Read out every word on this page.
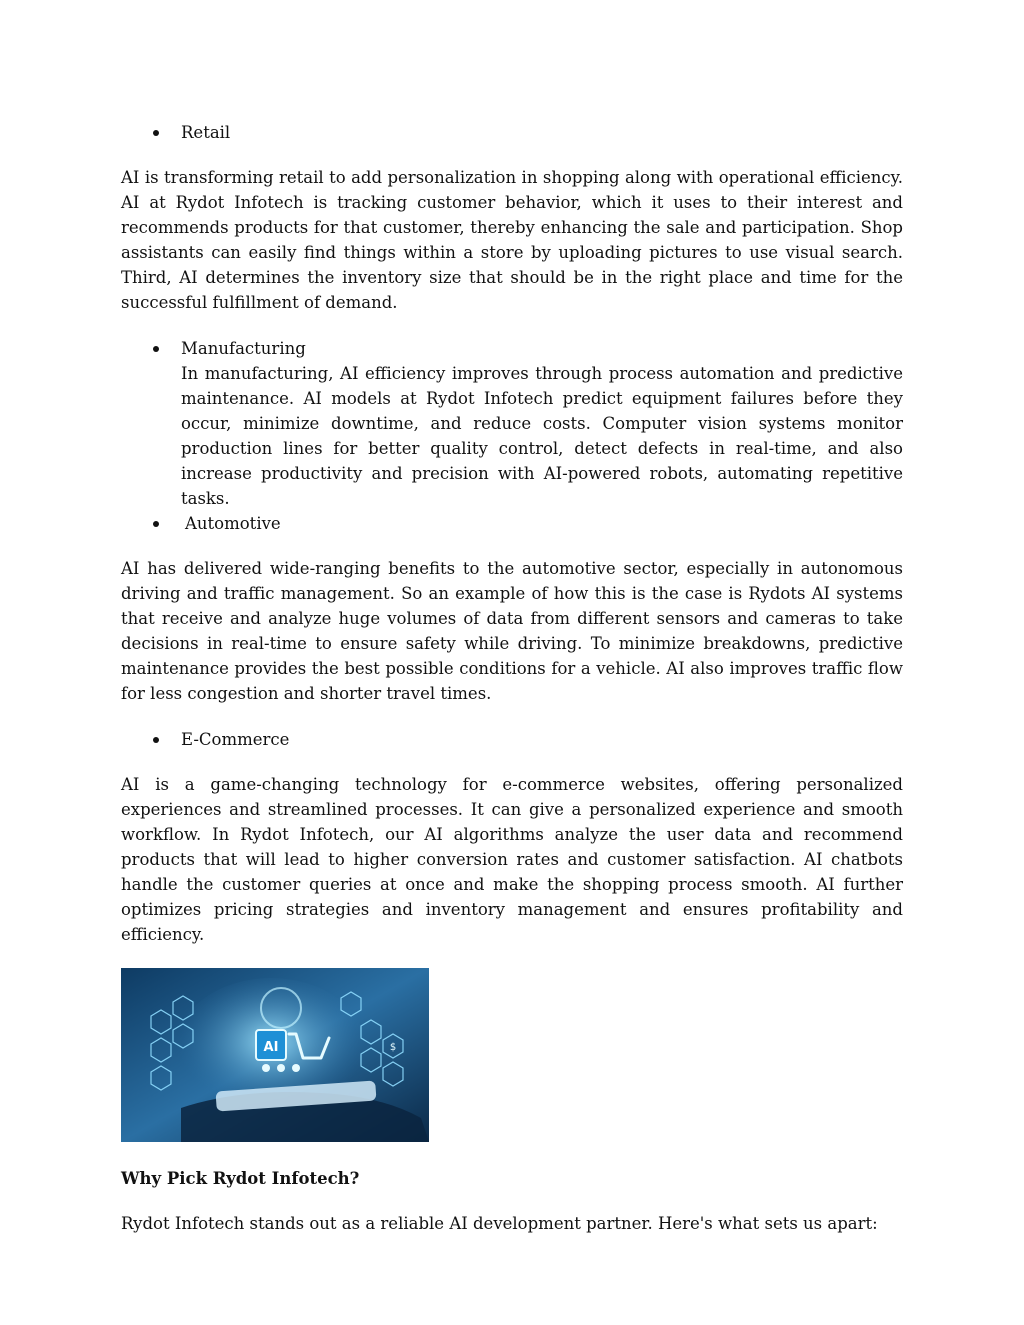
Retail

AI is transforming retail to add personalization in shopping along with operational efficiency. AI at Rydot Infotech is tracking customer behavior, which it uses to their interest and recommends products for that customer, thereby enhancing the sale and participation. Shop assistants can easily find things within a store by uploading pictures to use visual search. Third, AI determines the inventory size that should be in the right place and time for the successful fulfillment of demand.

Manufacturing

In manufacturing, AI efficiency improves through process automation and predictive maintenance. AI models at Rydot Infotech predict equipment failures before they occur, minimize downtime, and reduce costs. Computer vision systems monitor production lines for better quality control, detect defects in real-time, and also increase productivity and precision with AI-powered robots, automating repetitive tasks.

Automotive

AI has delivered wide-ranging benefits to the automotive sector, especially in autonomous driving and traffic management. So an example of how this is the case is Rydots AI systems that receive and analyze huge volumes of data from different sensors and cameras to take decisions in real-time to ensure safety while driving. To minimize breakdowns, predictive maintenance provides the best possible conditions for a vehicle. AI also improves traffic flow for less congestion and shorter travel times.

E-Commerce

AI is a game-changing technology for e-commerce websites, offering personalized experiences and streamlined processes. It can give a personalized experience and smooth workflow. In Rydot Infotech, our AI algorithms analyze the user data and recommend products that will lead to higher conversion rates and customer satisfaction. AI chatbots handle the customer queries at once and make the shopping process smooth. AI further optimizes pricing strategies and inventory management and ensures profitability and efficiency.

AI	$

Why Pick Rydot Infotech?

Rydot Infotech stands out as a reliable AI development partner. Here's what sets us apart:
